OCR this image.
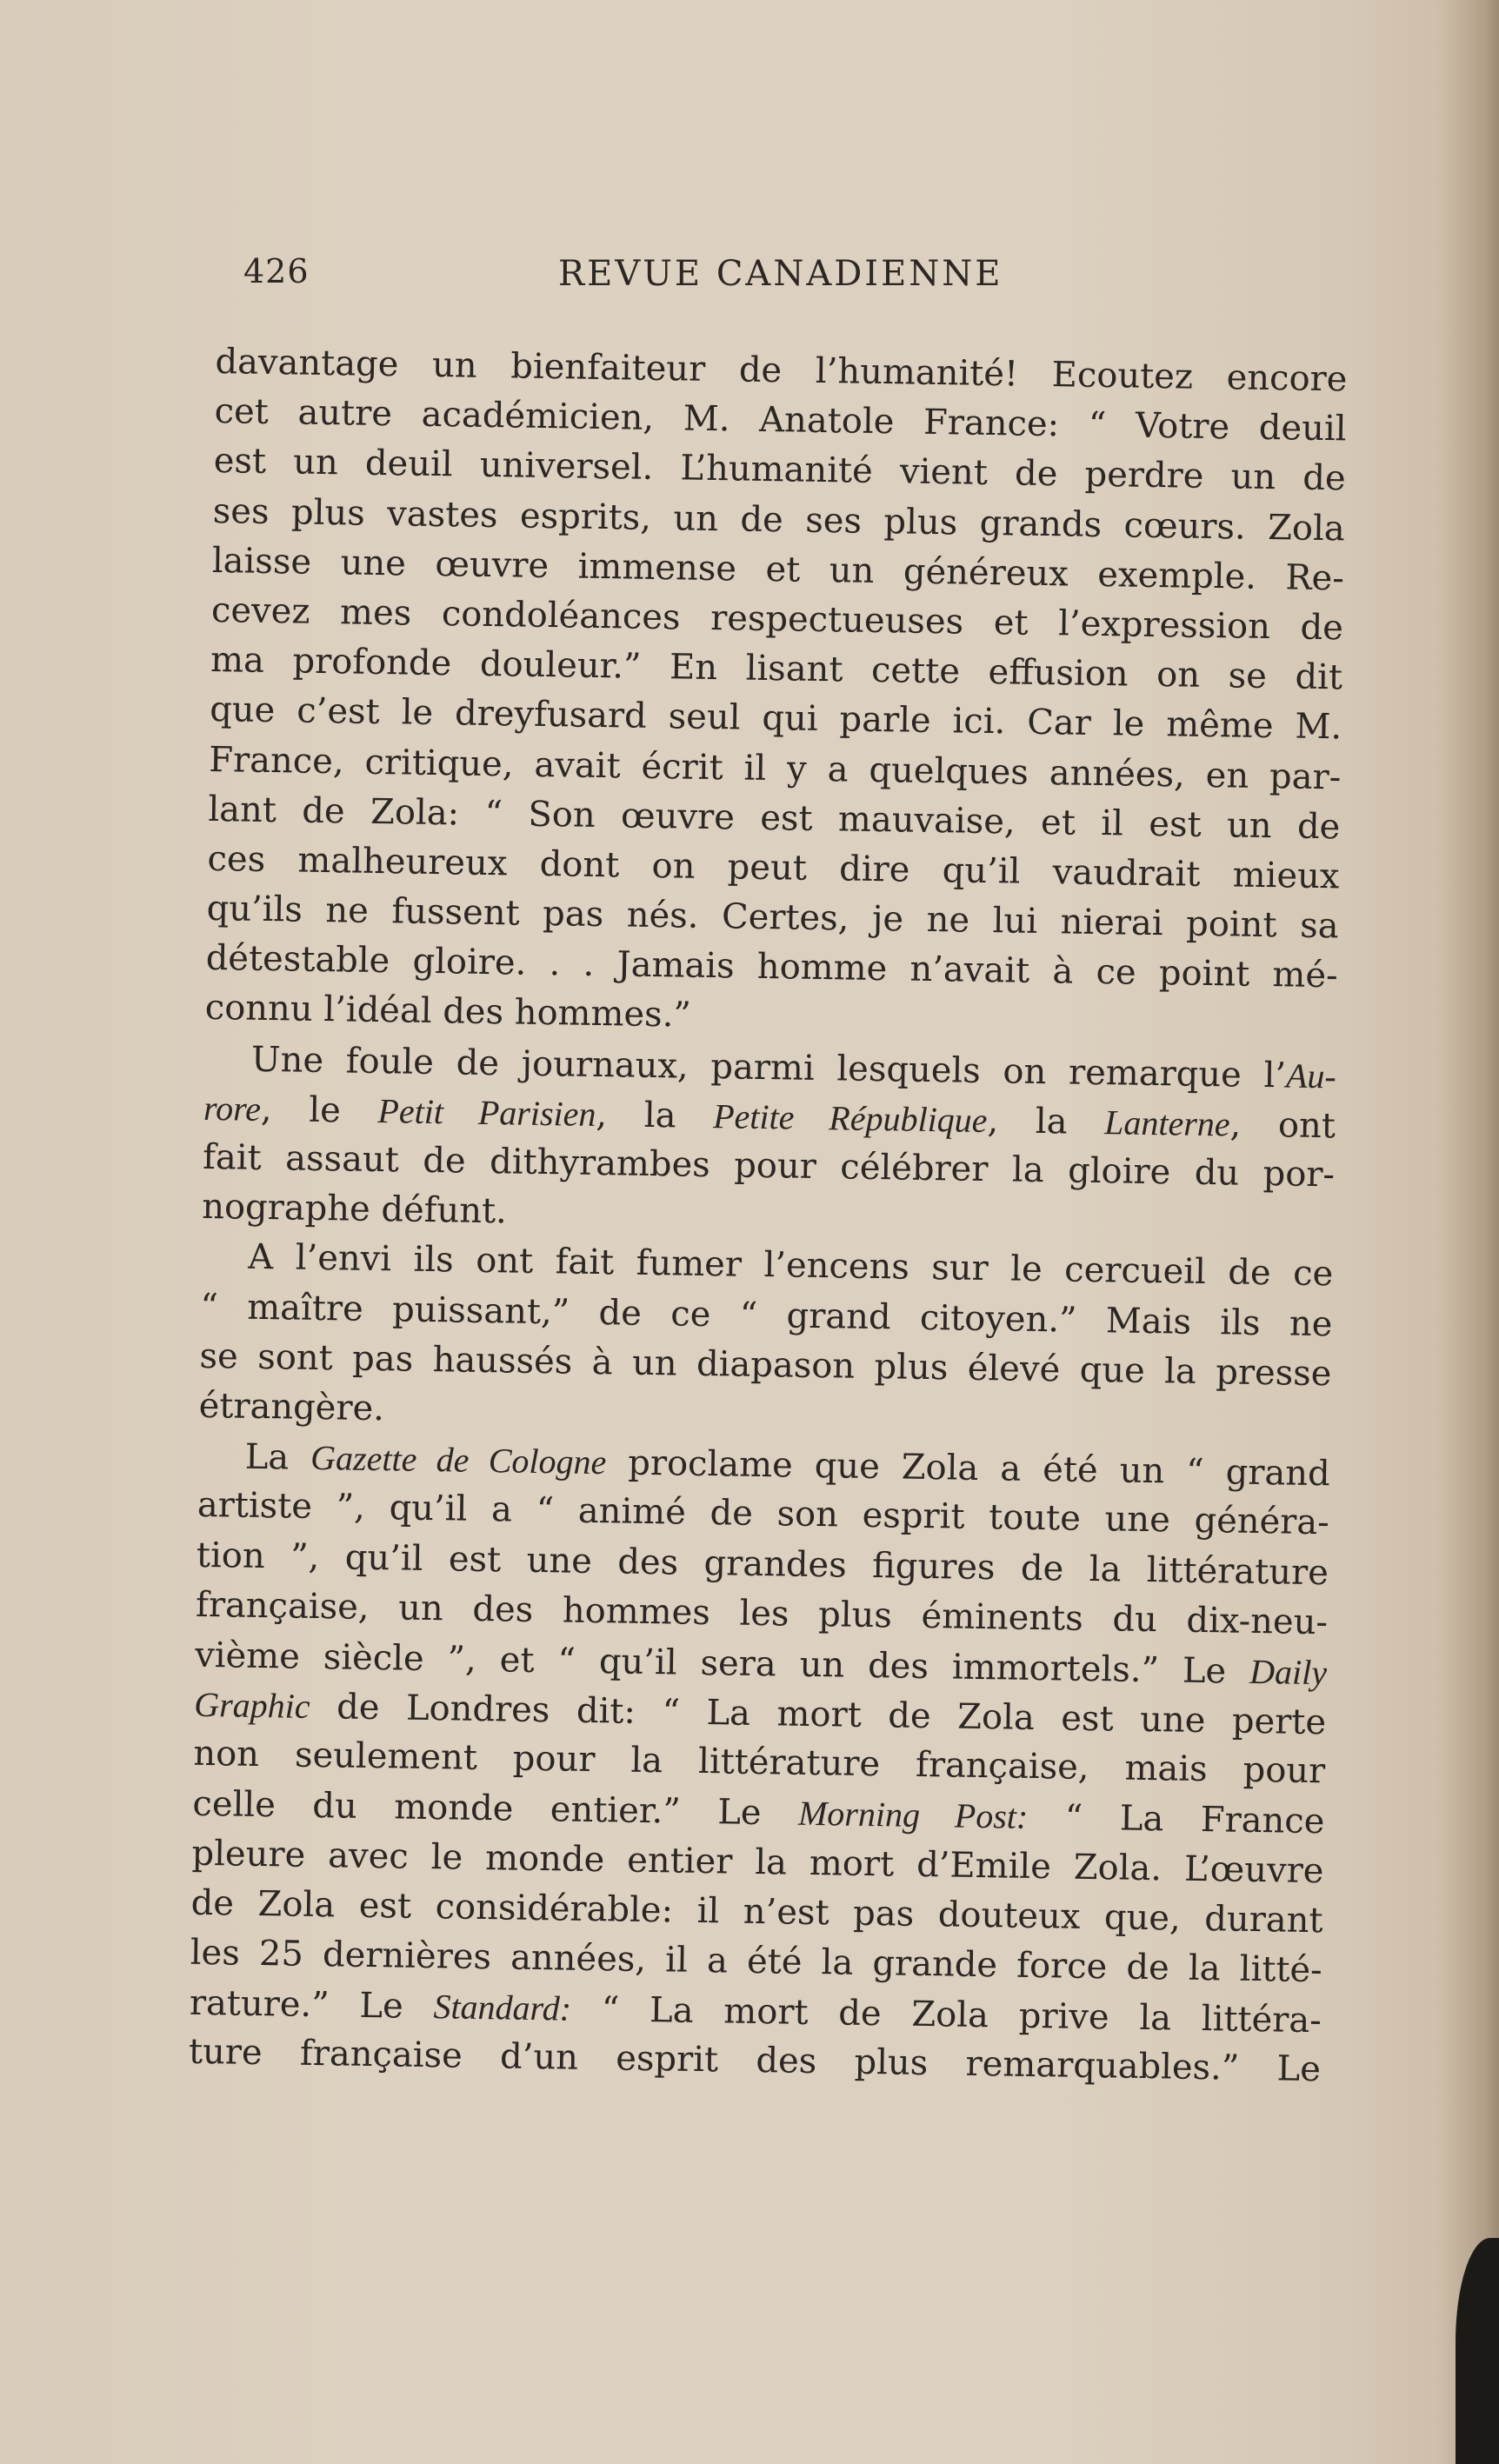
426	REVUE CANADIENNE
davantage un bienfaiteur de l’humanité! Ecoutez encore
cet autre académicien, M. Anatole France: “ Votre deuil
est un deuil universel. L’humanité vient de perdre un de
ses plus vastes esprits, un de ses plus grands cœurs. Zola
laisse une œuvre immense et un généreux exemple. Re-
cevez mes condoléances respectueuses et l’expression de
ma profonde douleur.” En lisant cette effusion on se dit
que c’est le dreyfusard seul qui parle ici. Car le même M.
France, critique, avait écrit il y a quelques années, en par-
lant de Zola: “ Son œuvre est mauvaise, et il est un de
ces malheureux dont on peut dire qu’il vaudrait mieux
qu’ils ne fussent pas nés. Certes, je ne lui nierai point sa
détestable gloire. . . Jamais homme n’avait à ce point mé-
connu l’idéal des hommes.”
Une foule de journaux, parmi lesquels on remarque l’Au-
rore, le Petit Parisien, la Petite République, la Lanterne, ont
fait assaut de dithyrambes pour célébrer la gloire du por-
nographe défunt.
A l’envi ils ont fait fumer l’encens sur le cercueil de ce
“ maître puissant,” de ce “ grand citoyen.” Mais ils ne
se sont pas haussés à un diapason plus élevé que la presse
étrangère.
La Gazette de Cologne proclame que Zola a été un “ grand
artiste ”, qu’il a “ animé de son esprit toute une généra-
tion ”, qu’il est une des grandes figures de la littérature
française, un des hommes les plus éminents du dix-neu-
vième siècle ”, et “ qu’il sera un des immortels.” Le Daily
Graphic de Londres dit: “ La mort de Zola est une perte
non seulement pour la littérature française, mais pour
celle du monde entier.” Le Morning Post: “ La France
pleure avec le monde entier la mort d’Emile Zola. L’œuvre
de Zola est considérable: il n’est pas douteux que, durant
les 25 dernières années, il a été la grande force de la litté-
rature.” Le Standard: “ La mort de Zola prive la littéra-
ture française d’un esprit des plus remarquables.” Le
